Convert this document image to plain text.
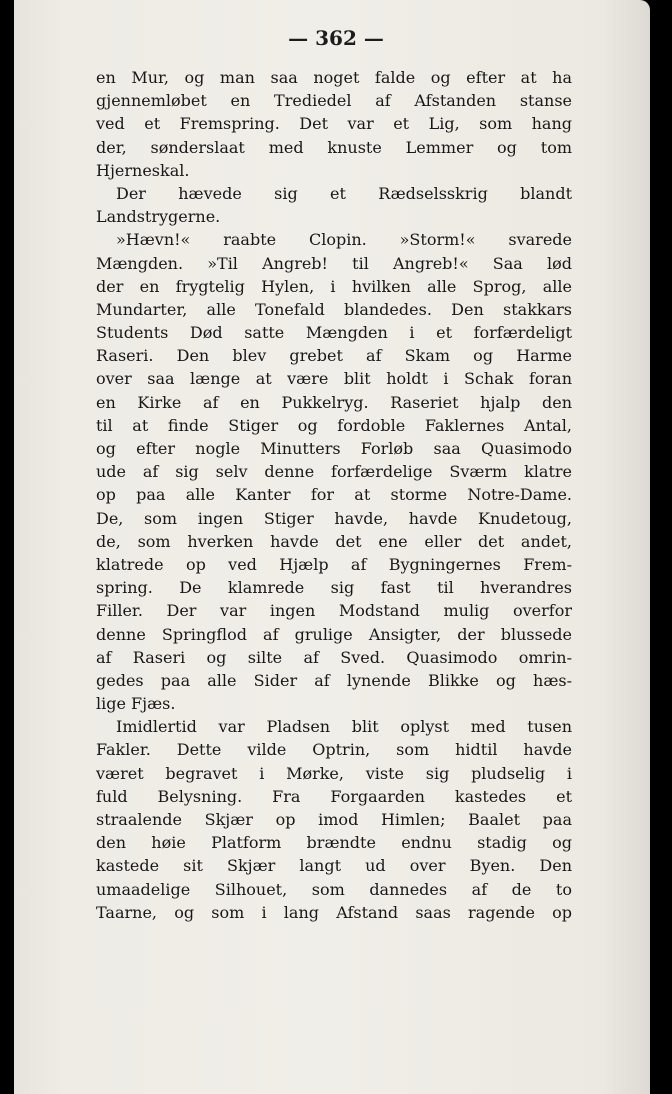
— 362 —
en Mur, og man saa noget falde og efter at ha
gjennemløbet en Trediedel af Afstanden stanse
ved et Fremspring. Det var et Lig, som hang
der, sønderslaat med knuste Lemmer og tom
Hjerneskal.
Der hævede sig et Rædselsskrig blandt
Landstrygerne.
»Hævn!« raabte Clopin. »Storm!« svarede
Mængden. »Til Angreb! til Angreb!« Saa lød
der en frygtelig Hylen, i hvilken alle Sprog, alle
Mundarter, alle Tonefald blandedes. Den stakkars
Students Død satte Mængden i et forfærdeligt
Raseri. Den blev grebet af Skam og Harme
over saa længe at være blit holdt i Schak foran
en Kirke af en Pukkelryg. Raseriet hjalp den
til at finde Stiger og fordoble Faklernes Antal,
og efter nogle Minutters Forløb saa Quasimodo
ude af sig selv denne forfærdelige Sværm klatre
op paa alle Kanter for at storme Notre-Dame.
De, som ingen Stiger havde, havde Knudetoug,
de, som hverken havde det ene eller det andet,
klatrede op ved Hjælp af Bygningernes Frem-
spring. De klamrede sig fast til hverandres
Filler. Der var ingen Modstand mulig overfor
denne Springflod af grulige Ansigter, der blussede
af Raseri og silte af Sved. Quasimodo omrin-
gedes paa alle Sider af lynende Blikke og hæs-
lige Fjæs.
Imidlertid var Pladsen blit oplyst med tusen
Fakler. Dette vilde Optrin, som hidtil havde
været begravet i Mørke, viste sig pludselig i
fuld Belysning. Fra Forgaarden kastedes et
straalende Skjær op imod Himlen; Baalet paa
den høie Platform brændte endnu stadig og
kastede sit Skjær langt ud over Byen. Den
umaadelige Silhouet, som dannedes af de to
Taarne, og som i lang Afstand saas ragende op
